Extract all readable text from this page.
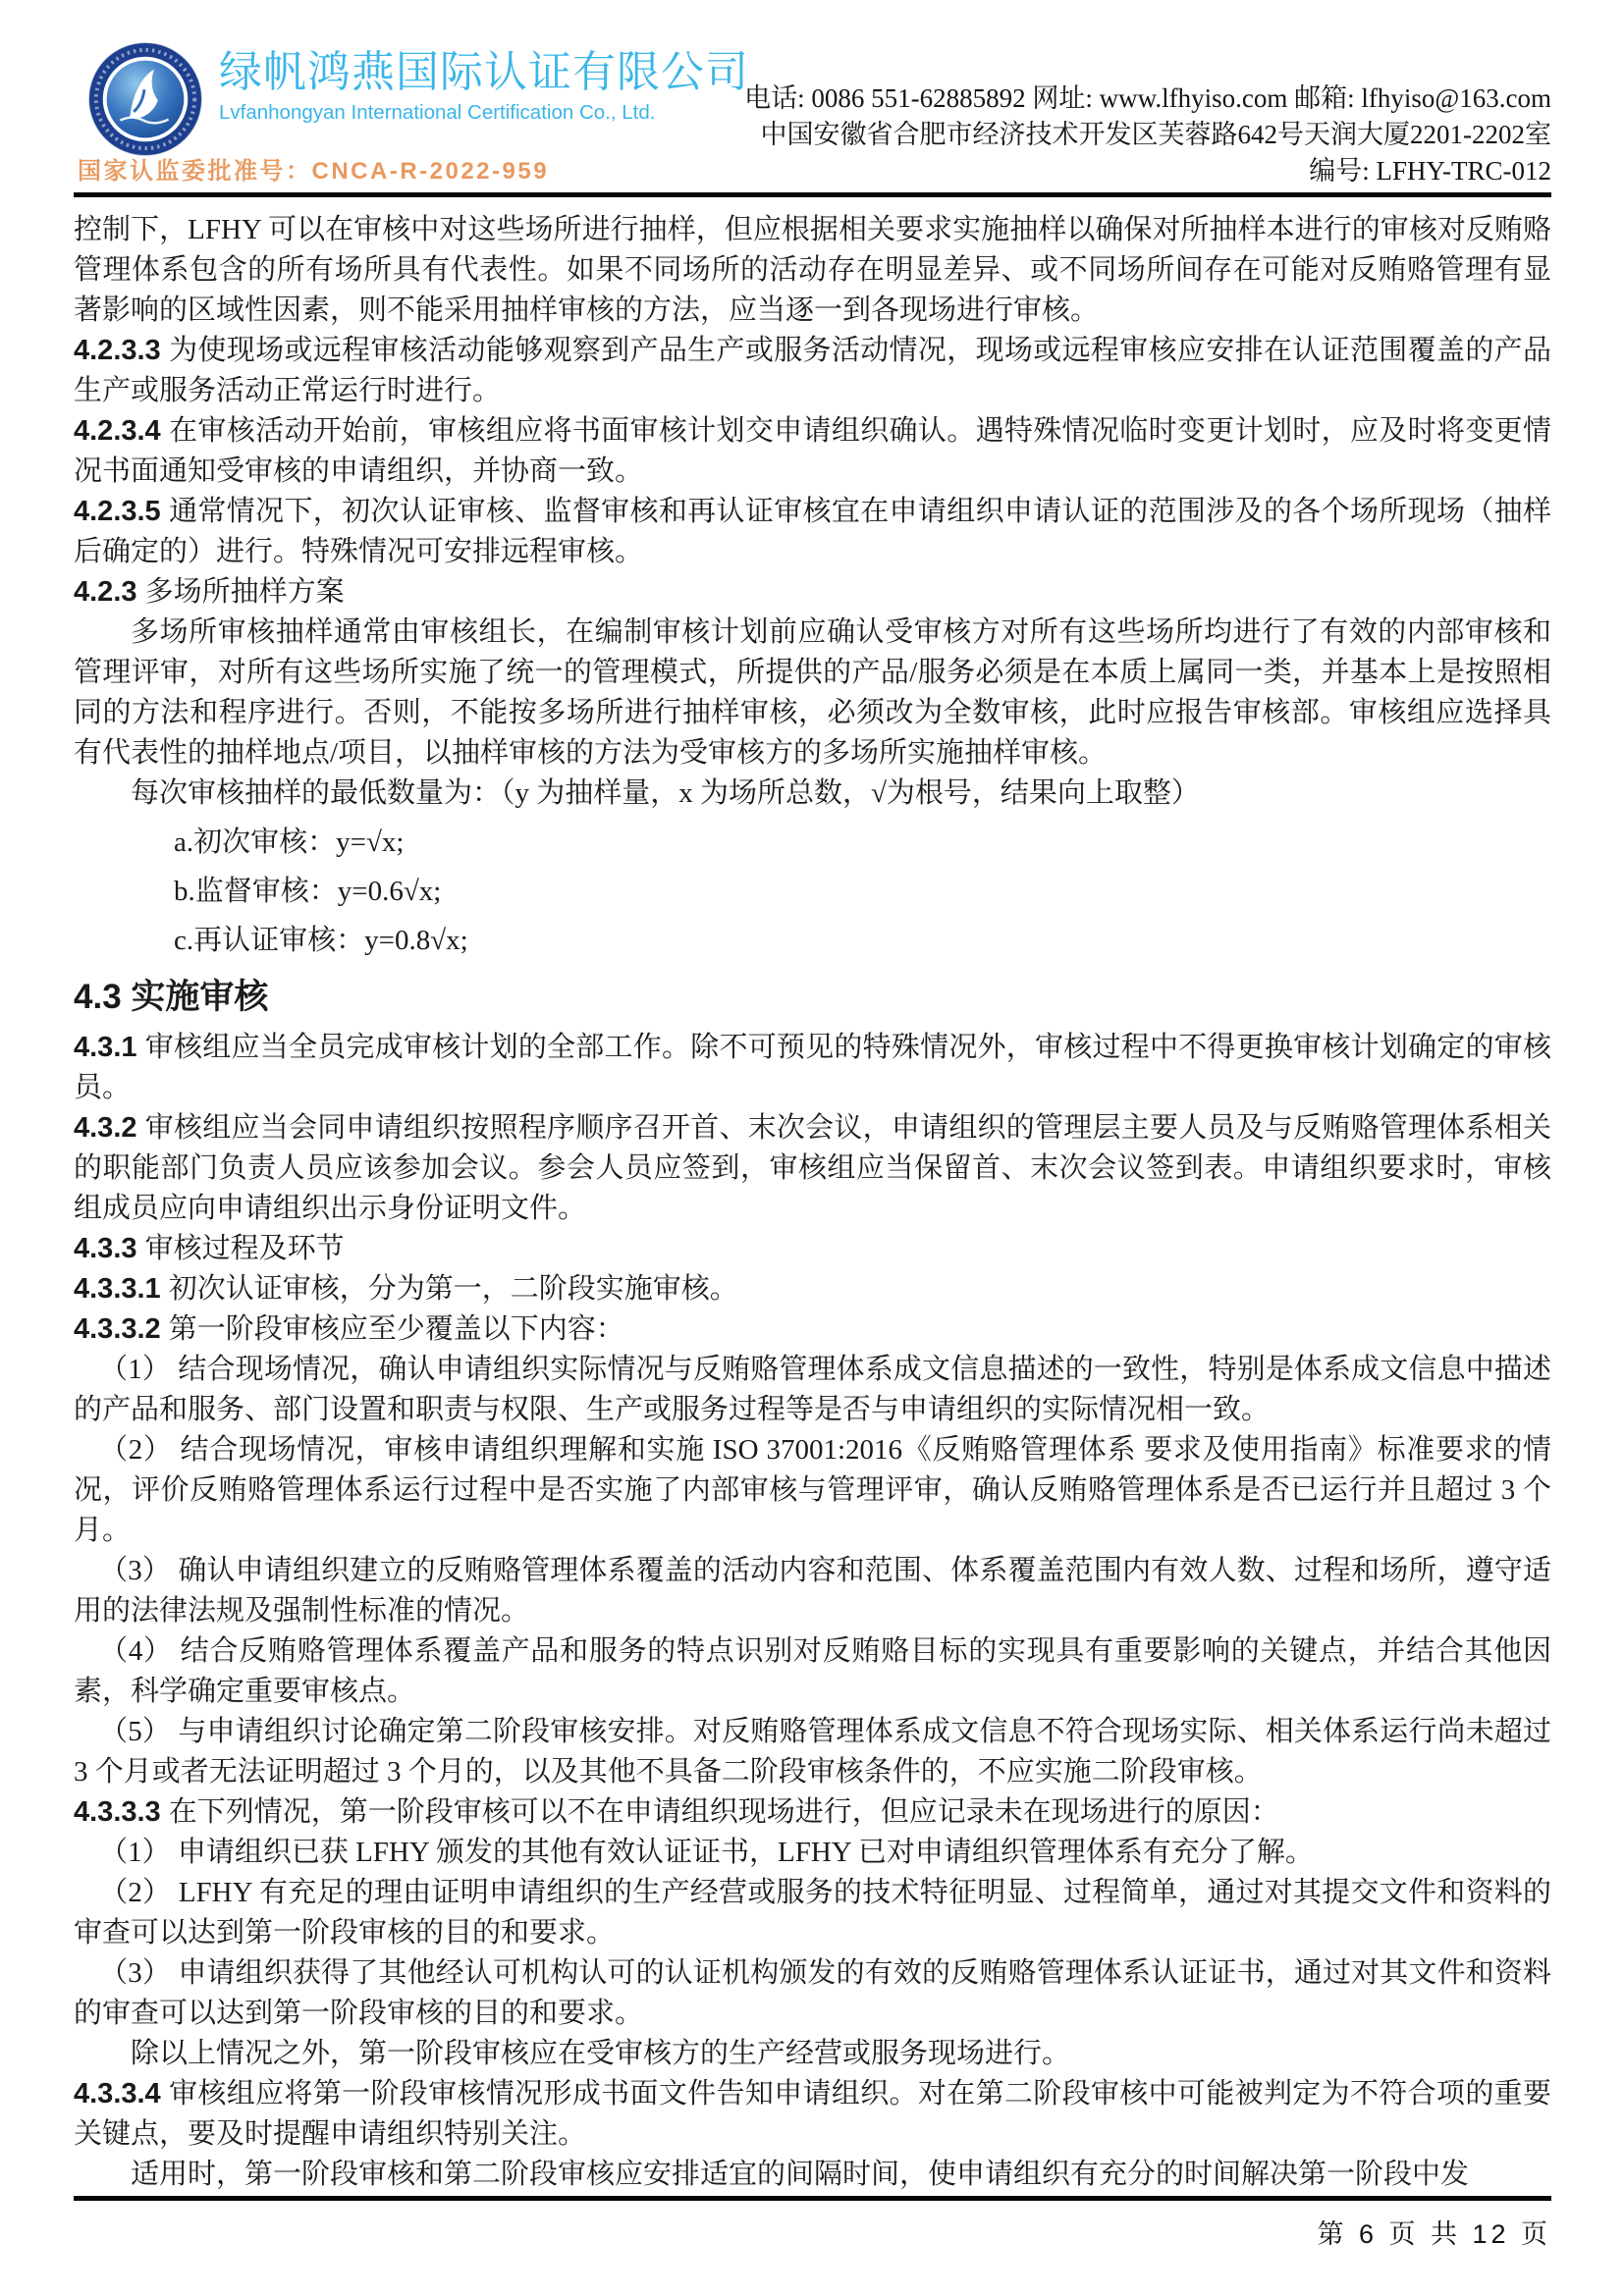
绿帆鸿燕国际认证有限公司
Lvfanhongyan International Certification Co., Ltd.
国家认监委批准号：CNCA-R-2022-959
电话: 0086 551-62885892 网址: www.lfhyiso.com 邮箱: lfhyiso@163.com
中国安徽省合肥市经济技术开发区芙蓉路642号天润大厦2201-2202室
编号: LFHY-TRC-012
控制下，LFHY 可以在审核中对这些场所进行抽样，但应根据相关要求实施抽样以确保对所抽样本进行的审核对反贿赂管理体系包含的所有场所具有代表性。如果不同场所的活动存在明显差异、或不同场所间存在可能对反贿赂管理有显著影响的区域性因素，则不能采用抽样审核的方法，应当逐一到各现场进行审核。
4.2.3.3 为使现场或远程审核活动能够观察到产品生产或服务活动情况，现场或远程审核应安排在认证范围覆盖的产品生产或服务活动正常运行时进行。
4.2.3.4 在审核活动开始前，审核组应将书面审核计划交申请组织确认。遇特殊情况临时变更计划时，应及时将变更情况书面通知受审核的申请组织，并协商一致。
4.2.3.5 通常情况下，初次认证审核、监督审核和再认证审核宜在申请组织申请认证的范围涉及的各个场所现场（抽样后确定的）进行。特殊情况可安排远程审核。
4.2.3 多场所抽样方案
多场所审核抽样通常由审核组长，在编制审核计划前应确认受审核方对所有这些场所均进行了有效的内部审核和管理评审，对所有这些场所实施了统一的管理模式，所提供的产品/服务必须是在本质上属同一类，并基本上是按照相同的方法和程序进行。否则，不能按多场所进行抽样审核，必须改为全数审核，此时应报告审核部。审核组应选择具有代表性的抽样地点/项目，以抽样审核的方法为受审核方的多场所实施抽样审核。
每次审核抽样的最低数量为：（y 为抽样量，x 为场所总数，√为根号，结果向上取整）
a.初次审核：y=√x;
b.监督审核：y=0.6√x;
c.再认证审核：y=0.8√x;
4.3 实施审核
4.3.1 审核组应当全员完成审核计划的全部工作。除不可预见的特殊情况外，审核过程中不得更换审核计划确定的审核员。
4.3.2 审核组应当会同申请组织按照程序顺序召开首、末次会议，申请组织的管理层主要人员及与反贿赂管理体系相关的职能部门负责人员应该参加会议。参会人员应签到，审核组应当保留首、末次会议签到表。申请组织要求时，审核组成员应向申请组织出示身份证明文件。
4.3.3 审核过程及环节
4.3.3.1 初次认证审核，分为第一，二阶段实施审核。
4.3.3.2 第一阶段审核应至少覆盖以下内容：
（1） 结合现场情况，确认申请组织实际情况与反贿赂管理体系成文信息描述的一致性，特别是体系成文信息中描述的产品和服务、部门设置和职责与权限、生产或服务过程等是否与申请组织的实际情况相一致。
（2） 结合现场情况，审核申请组织理解和实施 ISO 37001:2016《反贿赂管理体系 要求及使用指南》标准要求的情况，评价反贿赂管理体系运行过程中是否实施了内部审核与管理评审，确认反贿赂管理体系是否已运行并且超过 3 个月。
（3） 确认申请组织建立的反贿赂管理体系覆盖的活动内容和范围、体系覆盖范围内有效人数、过程和场所，遵守适用的法律法规及强制性标准的情况。
（4） 结合反贿赂管理体系覆盖产品和服务的特点识别对反贿赂目标的实现具有重要影响的关键点，并结合其他因素，科学确定重要审核点。
（5） 与申请组织讨论确定第二阶段审核安排。对反贿赂管理体系成文信息不符合现场实际、相关体系运行尚未超过 3 个月或者无法证明超过 3 个月的，以及其他不具备二阶段审核条件的，不应实施二阶段审核。
4.3.3.3 在下列情况，第一阶段审核可以不在申请组织现场进行，但应记录未在现场进行的原因：
（1） 申请组织已获 LFHY 颁发的其他有效认证证书，LFHY 已对申请组织管理体系有充分了解。
（2） LFHY 有充足的理由证明申请组织的生产经营或服务的技术特征明显、过程简单，通过对其提交文件和资料的审查可以达到第一阶段审核的目的和要求。
（3） 申请组织获得了其他经认可机构认可的认证机构颁发的有效的反贿赂管理体系认证证书，通过对其文件和资料的审查可以达到第一阶段审核的目的和要求。
除以上情况之外，第一阶段审核应在受审核方的生产经营或服务现场进行。
4.3.3.4 审核组应将第一阶段审核情况形成书面文件告知申请组织。对在第二阶段审核中可能被判定为不符合项的重要关键点，要及时提醒申请组织特别关注。
适用时，第一阶段审核和第二阶段审核应安排适宜的间隔时间，使申请组织有充分的时间解决第一阶段中发
第 6 页 共 12 页
